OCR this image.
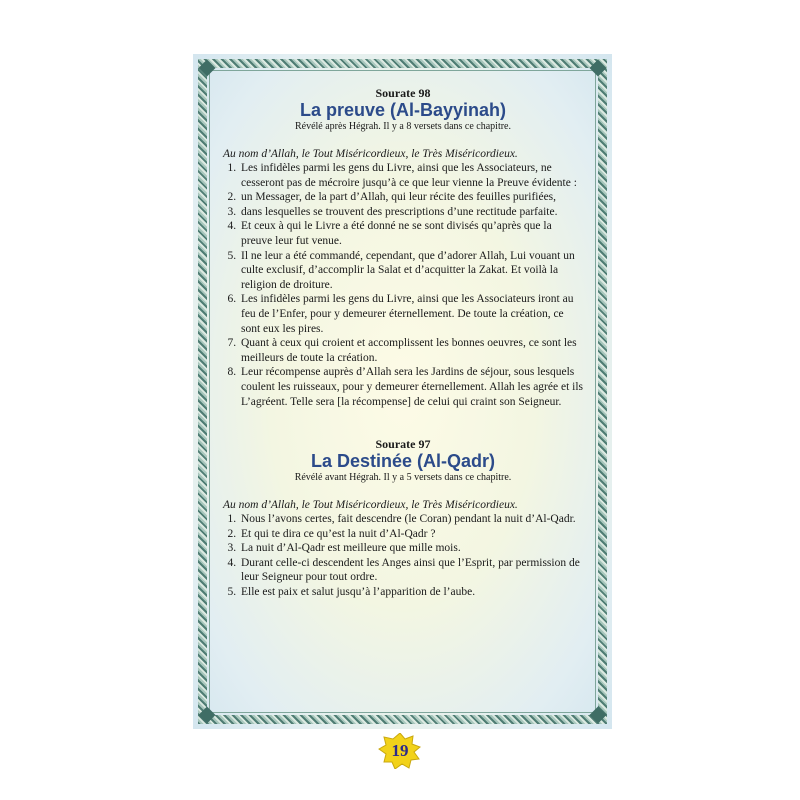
Sourate 98
La preuve (Al-Bayyinah)
Révélé après Hégrah. Il y a 8 versets dans ce chapitre.
Au nom d’Allah, le Tout Miséricordieux, le Très Miséricordieux.
1. Les infidèles parmi les gens du Livre, ainsi que les Associateurs, ne cesseront pas de mécroire jusqu’à ce que leur vienne la Preuve évidente :
2. un Messager, de la part d’Allah, qui leur récite des feuilles purifiées,
3. dans lesquelles se trouvent des prescriptions d’une rectitude parfaite.
4. Et ceux à qui le Livre a été donné ne se sont divisés qu’après que la preuve leur fut venue.
5. Il ne leur a été commandé, cependant, que d’adorer Allah, Lui vouant un culte exclusif, d’accomplir la Salat et d’acquitter la Zakat. Et voilà la religion de droiture.
6. Les infidèles parmi les gens du Livre, ainsi que les Associateurs iront au feu de l’Enfer, pour y demeurer éternellement. De toute la création, ce sont eux les pires.
7. Quant à ceux qui croient et accomplissent les bonnes oeuvres, ce sont les meilleurs de toute la création.
8. Leur récompense auprès d’Allah sera les Jardins de séjour, sous lesquels coulent les ruisseaux, pour y demeurer éternellement. Allah les agrée et ils L’agréent. Telle sera [la récompense] de celui qui craint son Seigneur.
Sourate 97
La Destinée (Al-Qadr)
Révélé avant Hégrah. Il y a 5 versets dans ce chapitre.
Au nom d’Allah, le Tout Miséricordieux, le Très Miséricordieux.
1. Nous l’avons certes, fait descendre (le Coran) pendant la nuit d’Al-Qadr.
2. Et qui te dira ce qu’est la nuit d’Al-Qadr ?
3. La nuit d’Al-Qadr est meilleure que mille mois.
4. Durant celle-ci descendent les Anges ainsi que l’Esprit, par permission de leur Seigneur pour tout ordre.
5. Elle est paix et salut jusqu’à l’apparition de l’aube.
19
